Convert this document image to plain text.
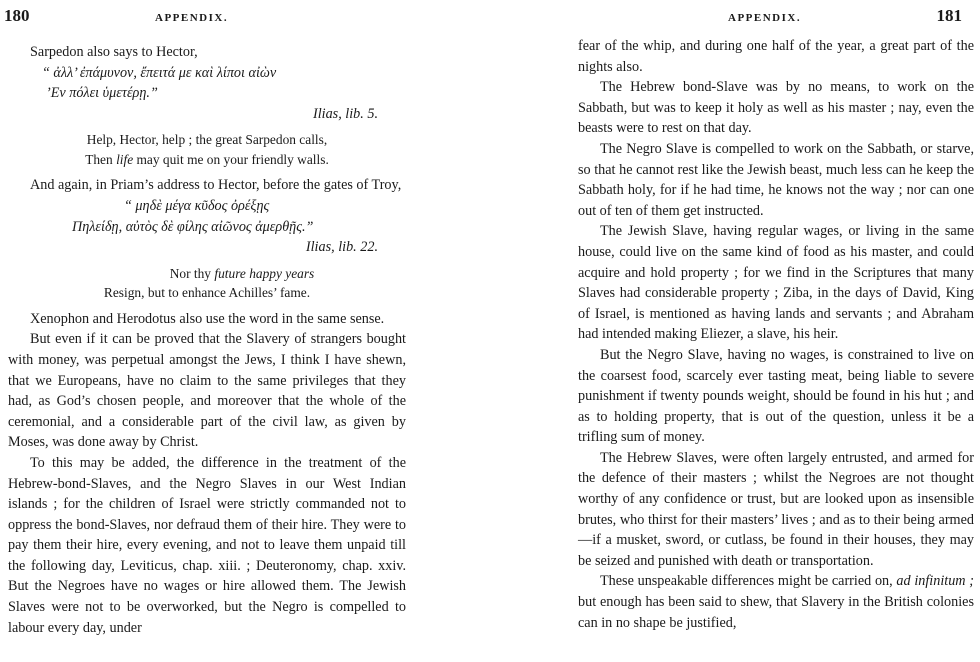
180	APPENDIX.

Sarpedon also says to Hector,

“ ἀλλ’ ἐπάμυνον, ἔπειτά με καὶ λίποι αἰὼν

’Εν πόλει ὑμετέρῃ.”

Ilias, lib. 5.

Help, Hector, help ; the great Sarpedon calls,

Then life may quit me on your friendly walls.

And again, in Priam’s address to Hector, before the gates of Troy,

“ μηδὲ μέγα κῦδος ὀρέξῃς

Πηλείδῃ, αὐτὸς δὲ φίλης αἰῶνος ἀμερθῇς.”

Ilias, lib. 22.

Nor thy future happy years

Resign, but to enhance Achilles’ fame.

Xenophon and Herodotus also use the word in the same sense.

But even if it can be proved that the Slavery of strangers bought with money, was perpetual amongst the Jews, I think I have shewn, that we Europeans, have no claim to the same privileges that they had, as God’s chosen people, and moreover that the whole of the ceremonial, and a considerable part of the civil law, as given by Moses, was done away by Christ.

To this may be added, the difference in the treatment of the Hebrew-bond-Slaves, and the Negro Slaves in our West Indian islands ; for the children of Israel were strictly commanded not to oppress the bond-Slaves, nor defraud them of their hire. They were to pay them their hire, every evening, and not to leave them unpaid till the following day, Leviticus, chap. xiii. ; Deuteronomy, chap. xxiv. But the Negroes have no wages or hire allowed them. The Jewish Slaves were not to be overworked, but the Negro is compelled to labour every day, under

APPENDIX.	181

fear of the whip, and during one half of the year, a great part of the nights also.

The Hebrew bond-Slave was by no means, to work on the Sabbath, but was to keep it holy as well as his master ; nay, even the beasts were to rest on that day.

The Negro Slave is compelled to work on the Sabbath, or starve, so that he cannot rest like the Jewish beast, much less can he keep the Sabbath holy, for if he had time, he knows not the way ; nor can one out of ten of them get instructed.

The Jewish Slave, having regular wages, or living in the same house, could live on the same kind of food as his master, and could acquire and hold property ; for we find in the Scriptures that many Slaves had considerable property ; Ziba, in the days of David, King of Israel, is mentioned as having lands and servants ; and Abraham had intended making Eliezer, a slave, his heir.

But the Negro Slave, having no wages, is constrained to live on the coarsest food, scarcely ever tasting meat, being liable to severe punishment if twenty pounds weight, should be found in his hut ; and as to holding property, that is out of the question, unless it be a trifling sum of money.

The Hebrew Slaves, were often largely entrusted, and armed for the defence of their masters ; whilst the Negroes are not thought worthy of any confidence or trust, but are looked upon as insensible brutes, who thirst for their masters’ lives ; and as to their being armed—if a musket, sword, or cutlass, be found in their houses, they may be seized and punished with death or transportation.

These unspeakable differences might be carried on, ad infinitum ; but enough has been said to shew, that Slavery in the British colonies can in no shape be justified,
